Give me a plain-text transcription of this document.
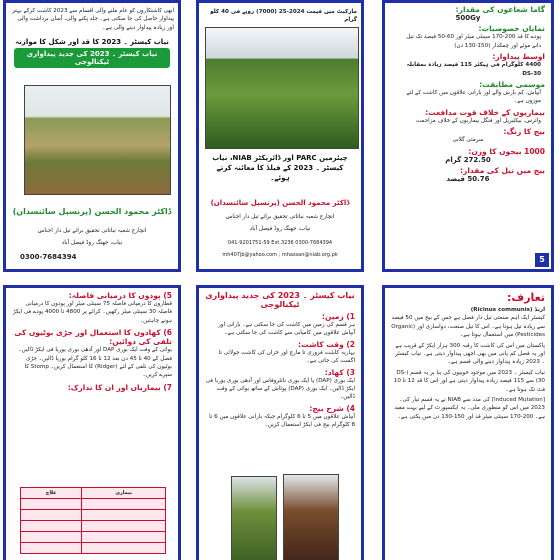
ابھی کاشتکاروں کو عام ملنے والی اقسام سے 2023 کاشت کرکے بہتر پیداوار حاصل کی جا سکتی ہے۔ جلد پکنے والی، آسان برداشت والی اور زیادہ پیداوار دینے والی ہے۔
نیاب کیسٹر ۔ 2023 کا قد اور شکل کا موازنہ
نیاب کیسٹر ۔ 2023 کی جدید پیداواری ٹیکنالوجی
ڈاکٹر محمود الحسن (پرنسپل سائنسدان)
انچارج شعبہ نباتاتی تحقیق برائے تیل دار اجناس
نیاب، جھنگ روڈ فیصل آباد
0300-7684394
مارکیٹ میں قیمت 2024-25 (7000) روپے فی 40 کلو گرام
چیئرمین PARC اور ڈائریکٹر NIAB، نیاب کیسٹر ۔ 2023 کے فیلڈ کا معائنہ کرتے ہوئے۔
ڈاکٹر محمود الحسن (پرنسپل سائنسدان)
انچارج شعبہ نباتاتی تحقیق برائے تیل دار اجناس
نیاب، جھنگ روڈ فیصل آباد
041-9201751-59 Ext.3236 0300-7684394
mh407jb@yahoo.com ; mhassan@niab.org.pk
گاما شعاعوں کی مقدار:
500Gy
نمایاں خصوصیات:
پودے کا قد 200-170 سینٹی میٹر اور 60-50 فیصد تک تیل
دانے موٹے اور چمکدار (150-130 دن)
اوسط پیداوار:
4400 کلوگرام فی ہیکٹر 115 فیصد زیادہ بمقابلہ DS-30
موسمی مطابقت:
آبپاش، کم بارش والے اور بارانی علاقوں میں کاشت کے لئے موزوں ہے۔
بیماریوں کے خلاف قوت مدافعت:
وائرس، بیکٹیریل اور فنگل بیماریوں کے خلاف مزاحمت
بیج کا رنگ:
سرمئی گلابی
1000 بیجوں کا وزن:
272.50 گرام
بیج میں تیل کی مقدار:
50.76 فیصد
5
5) پودوں کا درمیانی فاصلہ:
قطاروں کا درمیانی فاصلہ 75 سینٹی میٹر اور پودوں کا درمیانی فاصلہ 30 سینٹی میٹر رکھیں۔ کرائے پر 4800 تا 4000 پودے فی ایکڑ ہونے چاہئیں۔
6) کھادوں کا استعمال اور جڑی بوٹیوں کی تلفی کی دوائیں:
بوائی کے وقت ایک بوری DAP اور آدھی بوری یوریا فی ایکڑ ڈالیں۔ فصل کے 40 تا 45 دن بعد 12 تا 16 کلو گرام یوریا ڈالیں۔ جڑی بوٹیوں کی تلفی کے لئے (Ridger) کا استعمال کریں۔ Stomp کا سپرے کریں۔
7) بیماریاں اور ان کا تدارک:
علاج	بیماری

نیاب کیسٹر ۔ 2023 کی جدید پیداواری ٹیکنالوجی
1) زمین:
ہر قسم کی زمین میں کاشت کی جا سکتی ہے۔ بارانی اور آبپاش علاقوں میں کامیابی سے کاشت کی جا سکتی ہے۔
2) وقت کاشت:
بہاریہ کاشت فروری تا مارچ اور خزاں کی کاشت جولائی تا اگست کی جاتی ہے۔
3) کھاد:
ایک بوری (DAP) یا ایک بوری نائٹروفاس اور آدھی بوری یوریا فی ایکڑ ڈالیں۔ ایک بوری (DAP) پوٹاش کے ساتھ بوائی کے وقت ڈالیں۔
4) شرح بیج:
آبپاش علاقوں میں 5 تا 6 کلوگرام جبکہ بارانی علاقوں میں 6 تا 8 کلوگرام بیج فی ایکڑ استعمال کریں۔
تعارف:
ارنڈ (Ricinus communis)
کیسٹر ایک اہم صنعتی تیل دار فصل ہے جس کے بیج میں 50 فیصد سے زیادہ تیل ہوتا ہے۔ اس کا تیل صنعت، دواسازی اور (Organic Pesticides) میں استعمال ہوتا ہے۔
پاکستان میں اس کی کاشت کا رقبہ 300 ہزار ایکڑ کے قریب ہے اور یہ فصل کم پانی میں بھی اچھی پیداوار دیتی ہے۔ نیاب کیسٹر ۔ 2023 زیادہ پیداوار دینے والی قسم ہے۔
نیاب کیسٹر ۔ 2023 میں موجود خوبیوں کی بنا پر یہ قسم (DS-30) سے 115 فیصد زیادہ پیداوار دیتی ہے اور اس کا قد 12 تا 10 فٹ تک ہوتا ہے۔
[Induced Mutation] کی مدد سے NIAB نے یہ قسم تیار کی۔ 2023 میں اس کو منظوری ملی۔ یہ ایکسپورٹ کے لیے بہت مفید ہے۔ 200-170 سینٹی میٹر قد اور 150-130 دن میں پکتی ہے۔
